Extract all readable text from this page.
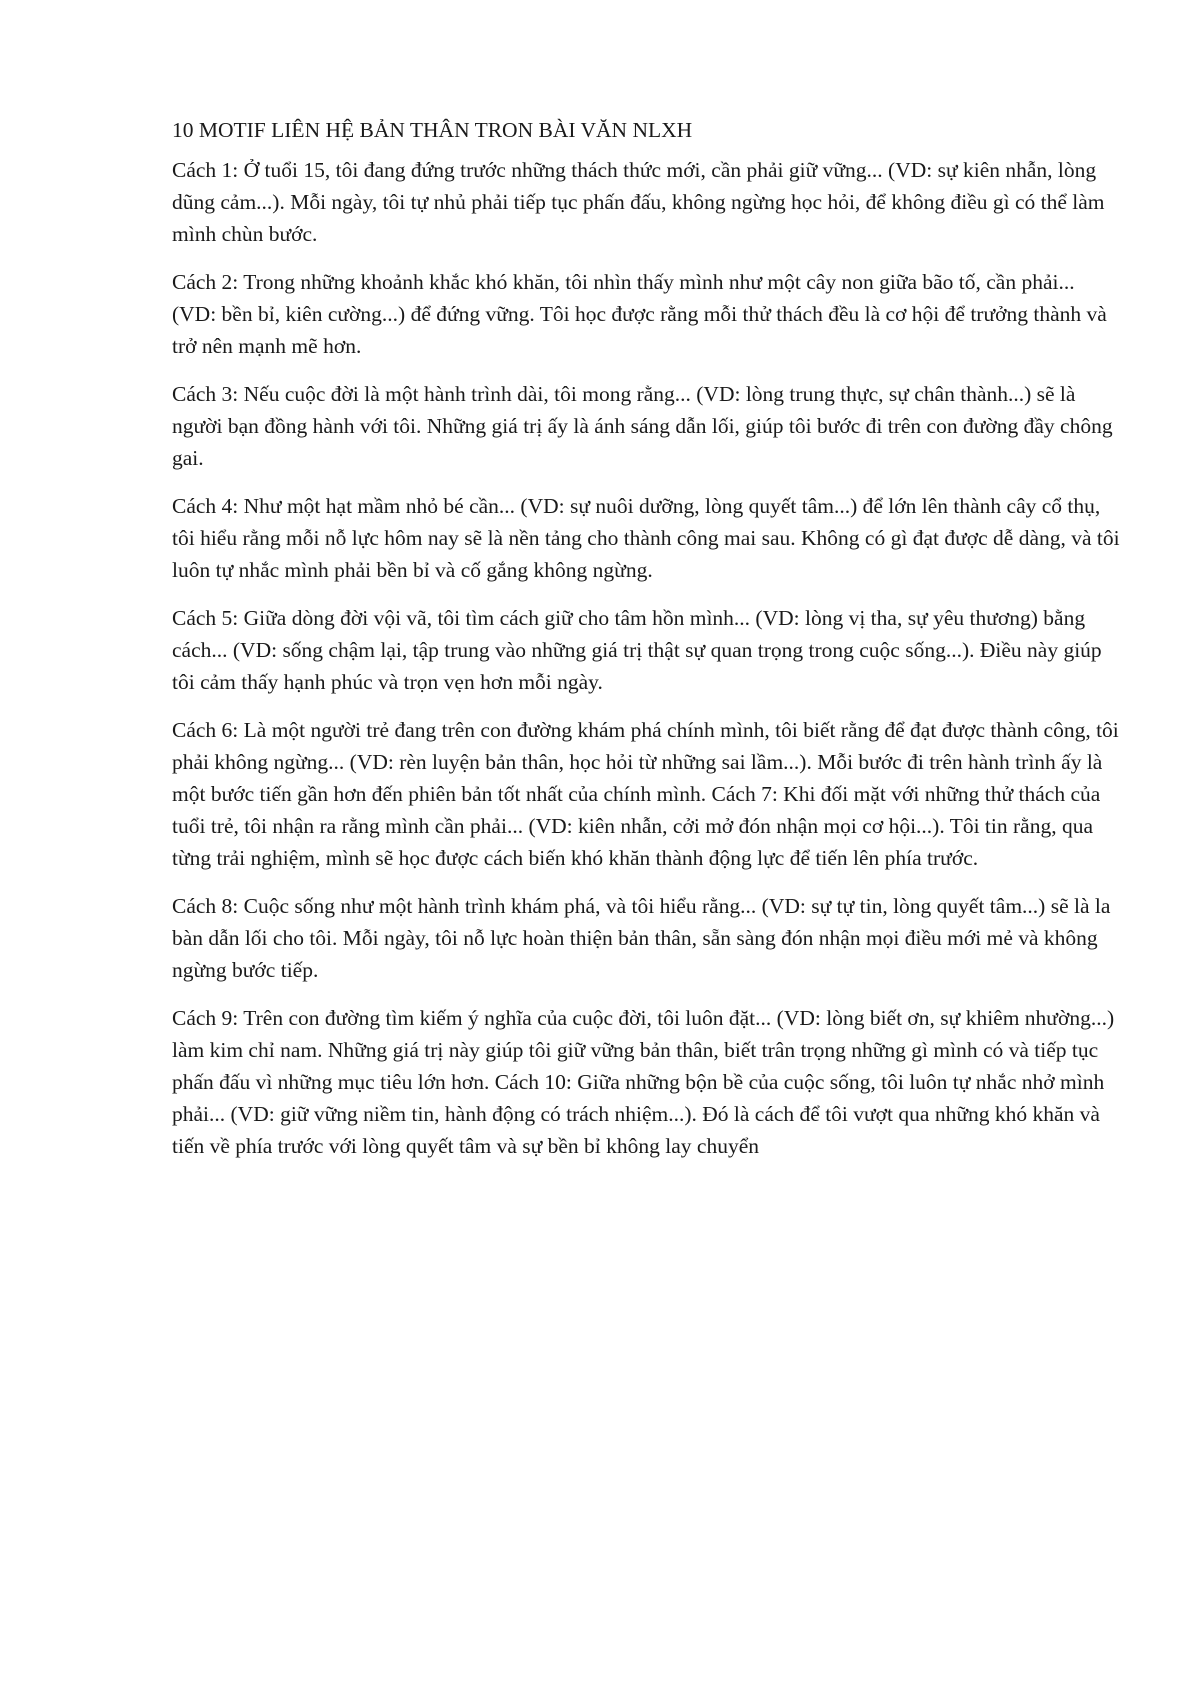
10 MOTIF LIÊN HỆ BẢN THÂN TRON BÀI VĂN NLXH

Cách 1: Ở tuổi 15, tôi đang đứng trước những thách thức mới, cần phải giữ vững... (VD: sự kiên nhẫn, lòng dũng cảm...). Mỗi ngày, tôi tự nhủ phải tiếp tục phấn đấu, không ngừng học hỏi, để không điều gì có thể làm mình chùn bước.

Cách 2: Trong những khoảnh khắc khó khăn, tôi nhìn thấy mình như một cây non giữa bão tố, cần phải... (VD: bền bỉ, kiên cường...) để đứng vững. Tôi học được rằng mỗi thử thách đều là cơ hội để trưởng thành và trở nên mạnh mẽ hơn.

Cách 3: Nếu cuộc đời là một hành trình dài, tôi mong rằng... (VD: lòng trung thực, sự chân thành...) sẽ là người bạn đồng hành với tôi. Những giá trị ấy là ánh sáng dẫn lối, giúp tôi bước đi trên con đường đầy chông gai.

Cách 4: Như một hạt mầm nhỏ bé cần... (VD: sự nuôi dưỡng, lòng quyết tâm...) để lớn lên thành cây cổ thụ, tôi hiểu rằng mỗi nỗ lực hôm nay sẽ là nền tảng cho thành công mai sau. Không có gì đạt được dễ dàng, và tôi luôn tự nhắc mình phải bền bỉ và cố gắng không ngừng.

Cách 5: Giữa dòng đời vội vã, tôi tìm cách giữ cho tâm hồn mình... (VD: lòng vị tha, sự yêu thương) bằng cách... (VD: sống chậm lại, tập trung vào những giá trị thật sự quan trọng trong cuộc sống...). Điều này giúp tôi cảm thấy hạnh phúc và trọn vẹn hơn mỗi ngày.

Cách 6: Là một người trẻ đang trên con đường khám phá chính mình, tôi biết rằng để đạt được thành công, tôi phải không ngừng... (VD: rèn luyện bản thân, học hỏi từ những sai lầm...). Mỗi bước đi trên hành trình ấy là một bước tiến gần hơn đến phiên bản tốt nhất của chính mình. Cách 7: Khi đối mặt với những thử thách của tuổi trẻ, tôi nhận ra rằng mình cần phải... (VD: kiên nhẫn, cởi mở đón nhận mọi cơ hội...). Tôi tin rằng, qua từng trải nghiệm, mình sẽ học được cách biến khó khăn thành động lực để tiến lên phía trước.

Cách 8: Cuộc sống như một hành trình khám phá, và tôi hiểu rằng... (VD: sự tự tin, lòng quyết tâm...) sẽ là la bàn dẫn lối cho tôi. Mỗi ngày, tôi nỗ lực hoàn thiện bản thân, sẵn sàng đón nhận mọi điều mới mẻ và không ngừng bước tiếp.

Cách 9: Trên con đường tìm kiếm ý nghĩa của cuộc đời, tôi luôn đặt... (VD: lòng biết ơn, sự khiêm nhường...) làm kim chỉ nam. Những giá trị này giúp tôi giữ vững bản thân, biết trân trọng những gì mình có và tiếp tục phấn đấu vì những mục tiêu lớn hơn. Cách 10: Giữa những bộn bề của cuộc sống, tôi luôn tự nhắc nhở mình phải... (VD: giữ vững niềm tin, hành động có trách nhiệm...). Đó là cách để tôi vượt qua những khó khăn và tiến về phía trước với lòng quyết tâm và sự bền bỉ không lay chuyển
